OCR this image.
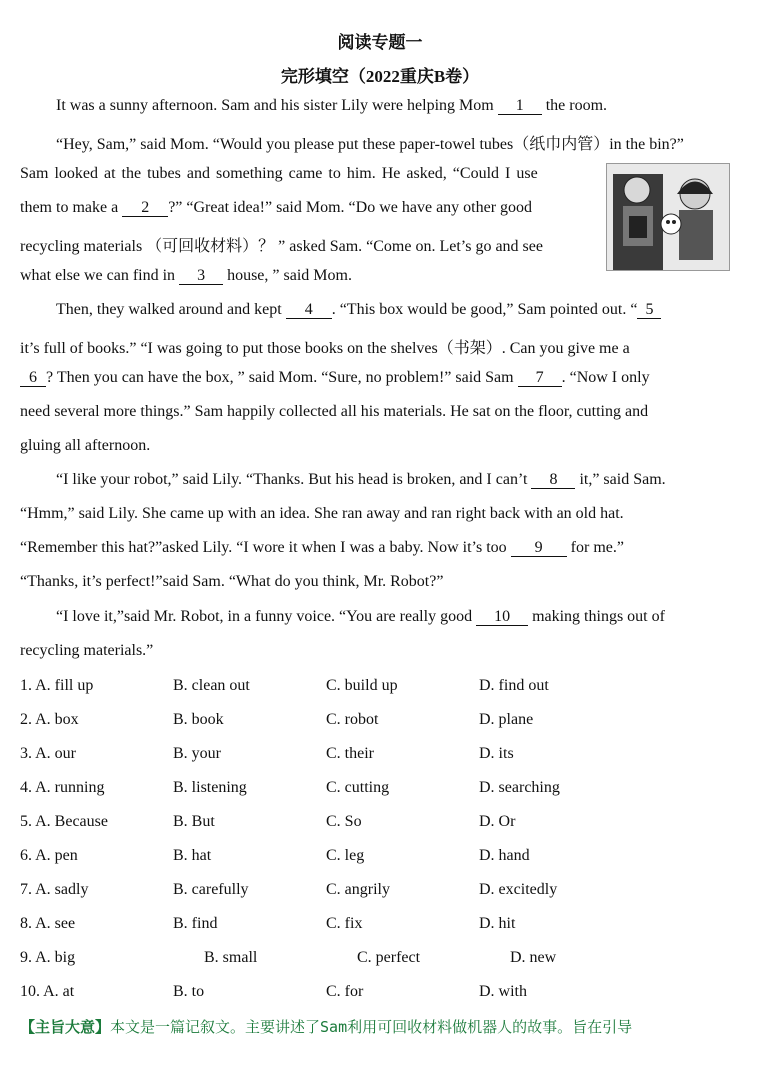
阅读专题一
完形填空（2022重庆B卷）
It was a sunny afternoon. Sam and his sister Lily were helping Mom 1 the room.
“Hey, Sam,” said Mom. “Would you please put these paper-towel tubes（纸巾内管）in the bin?”
Sam looked at the tubes and something came to him. He asked, “Could I use
them to make a 2 ?” “Great idea!” said Mom. “Do we have any other good
recycling materials （可回收材料）？ ” asked Sam. “Come on. Let’s go and see
what else we can find in 3 house, ” said Mom.
Then, they walked around and kept 4 . “This box would be good,” Sam pointed out. “ 5
it’s full of books.” “I was going to put those books on the shelves（书架）. Can you give me a
6 ? Then you can have the box, ” said Mom. “Sure, no problem!” said Sam 7 . “Now I only
need several more things.” Sam happily collected all his materials. He sat on the floor, cutting and
gluing all afternoon.
“I like your robot,” said Lily. “Thanks. But his head is broken, and I can’t 8 it,” said Sam.
“Hmm,” said Lily. She came up with an idea. She ran away and ran right back with an old hat.
“Remember this hat?”asked Lily. “I wore it when I was a baby. Now it’s too 9 for me.”
“Thanks, it’s perfect!”said Sam. “What do you think, Mr. Robot?”
“I love it,”said Mr. Robot, in a funny voice. “You are really good 10 making things out of
recycling materials.”
1. A. fill up	B. clean out	C. build up	D. find out
2. A. box	B. book	C. robot	D. plane
3. A. our	B. your	C. their	D. its
4. A. running	B. listening	C. cutting	D. searching
5. A. Because	B. But	C. So	D. Or
6. A. pen	B. hat	C. leg	D. hand
7. A. sadly	B. carefully	C. angrily	D. excitedly
8. A. see	B. find	C. fix	D. hit
9. A. big	B. small	C. perfect	D. new
10. A. at	B. to	C. for	D. with
【主旨大意】本文是一篇记叙文。主要讲述了Sam利用可回收材料做机器人的故事。旨在引导
